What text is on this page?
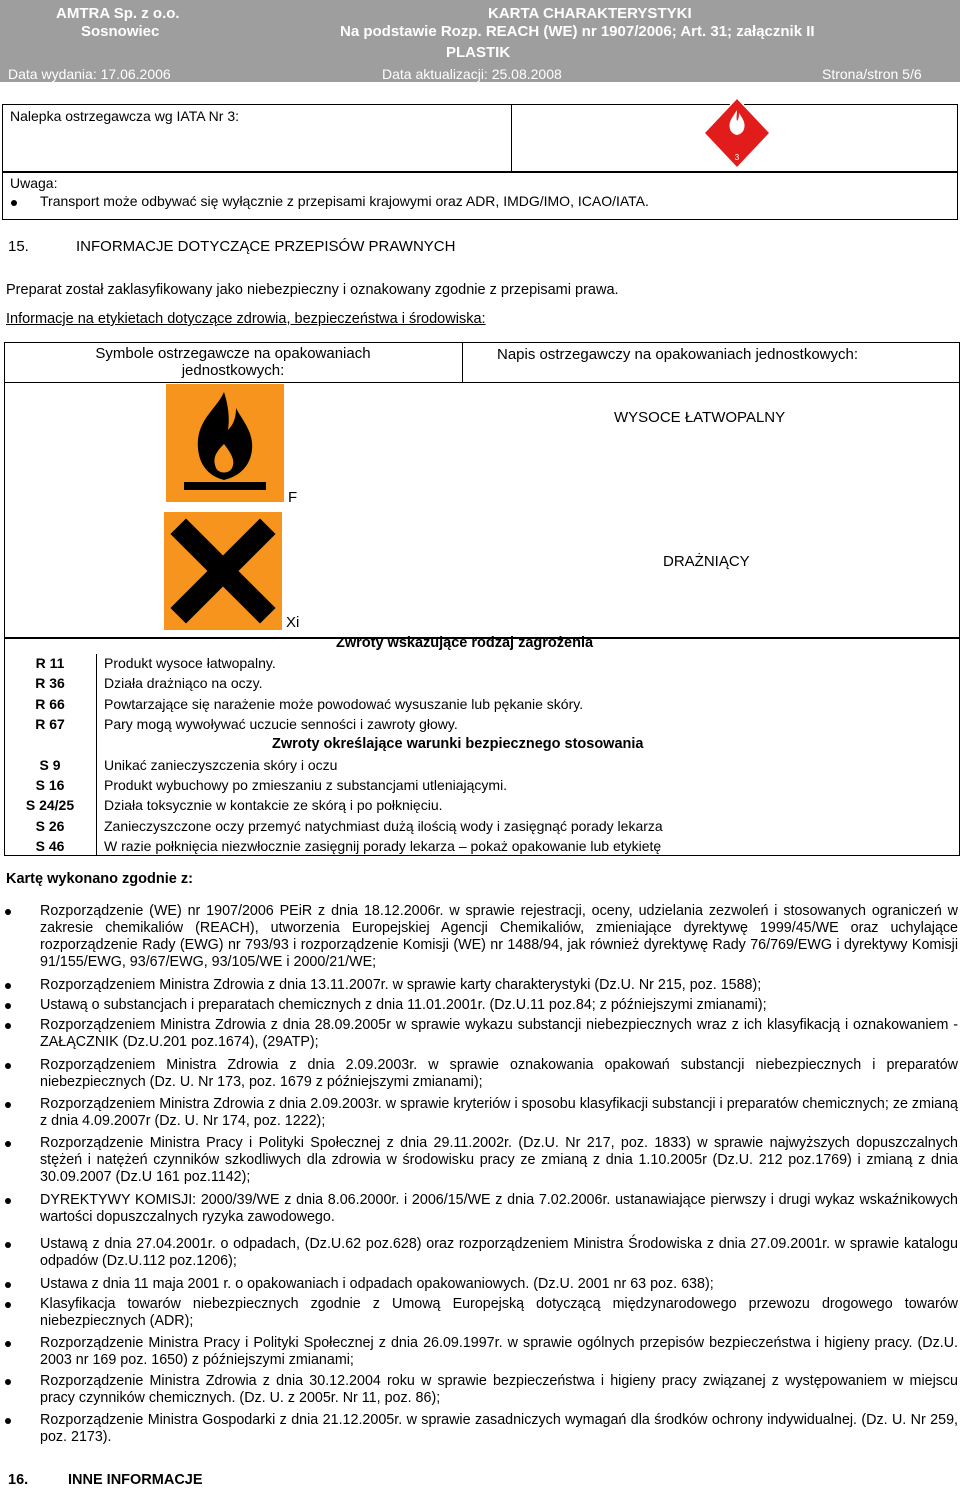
AMTRA Sp. z o.o.
Sosnowiec
KARTA CHARAKTERYSTYKI
Na podstawie Rozp. REACH (WE) nr 1907/2006; Art. 31; załącznik II
PLASTIK
Data wydania: 17.06.2006	Data aktualizacji: 25.08.2008	Strona/stron 5/6
Nalepka ostrzegawcza wg IATA Nr 3:
3
Uwaga:
Transport może odbywać się wyłącznie z przepisami krajowymi oraz ADR, IMDG/IMO, ICAO/IATA.
15.	INFORMACJE DOTYCZĄCE PRZEPISÓW PRAWNYCH
Preparat został zaklasyfikowany jako niebezpieczny i oznakowany zgodnie z przepisami prawa.
Informacje na etykietach dotyczące zdrowia, bezpieczeństwa i środowiska:
Symbole ostrzegawcze na opakowaniach jednostkowych:
Napis ostrzegawczy na opakowaniach jednostkowych:
F
WYSOCE ŁATWOPALNY
Xi
DRAŻNIĄCY
Zwroty wskazujące rodzaj zagrożenia
R 11	Produkt wysoce łatwopalny.
R 36	Działa drażniąco na oczy.
R 66	Powtarzające się narażenie może powodować wysuszanie lub pękanie skóry.
R 67	Pary mogą wywoływać uczucie senności i zawroty głowy.
Zwroty określające warunki bezpiecznego stosowania
S 9	Unikać zanieczyszczenia skóry i oczu
S 16	Produkt wybuchowy po zmieszaniu z substancjami utleniającymi.
S 24/25	Działa toksycznie w kontakcie ze skórą i po połknięciu.
S 26	Zanieczyszczone oczy przemyć natychmiast dużą ilością wody i zasięgnąć porady lekarza
S 46	W razie połknięcia niezwłocznie zasięgnij porady lekarza – pokaż opakowanie lub etykietę
Kartę wykonano zgodnie z:
Rozporządzenie (WE) nr 1907/2006 PEiR z dnia 18.12.2006r. w sprawie rejestracji, oceny, udzielania zezwoleń i stosowanych ograniczeń w zakresie chemikaliów (REACH), utworzenia Europejskiej Agencji Chemikaliów, zmieniające dyrektywę 1999/45/WE oraz uchylające rozporządzenie Rady (EWG) nr 793/93 i rozporządzenie Komisji (WE) nr 1488/94, jak również dyrektywę Rady 76/769/EWG i dyrektywy Komisji 91/155/EWG, 93/67/EWG, 93/105/WE i 2000/21/WE;
Rozporządzeniem Ministra Zdrowia z dnia 13.11.2007r. w sprawie karty charakterystyki (Dz.U. Nr 215, poz. 1588);
Ustawą o substancjach i preparatach chemicznych z dnia 11.01.2001r. (Dz.U.11 poz.84; z późniejszymi zmianami);
Rozporządzeniem Ministra Zdrowia z dnia 28.09.2005r w sprawie wykazu substancji niebezpiecznych wraz z ich klasyfikacją i oznakowaniem - ZAŁĄCZNIK (Dz.U.201 poz.1674), (29ATP);
Rozporządzeniem Ministra Zdrowia z dnia 2.09.2003r. w sprawie oznakowania opakowań substancji niebezpiecznych i preparatów niebezpiecznych (Dz. U. Nr 173, poz. 1679 z późniejszymi zmianami);
Rozporządzeniem Ministra Zdrowia z dnia 2.09.2003r. w sprawie kryteriów i sposobu klasyfikacji substancji i preparatów chemicznych; ze zmianą z dnia 4.09.2007r (Dz. U. Nr 174, poz. 1222);
Rozporządzenie Ministra Pracy i Polityki Społecznej z dnia 29.11.2002r. (Dz.U. Nr 217, poz. 1833) w sprawie najwyższych dopuszczalnych stężeń i natężeń czynników szkodliwych dla zdrowia w środowisku pracy ze zmianą z dnia 1.10.2005r (Dz.U. 212 poz.1769) i zmianą z dnia 30.09.2007 (Dz.U 161 poz.1142);
DYREKTYWY KOMISJI: 2000/39/WE z dnia 8.06.2000r. i 2006/15/WE z dnia 7.02.2006r. ustanawiające pierwszy i drugi wykaz wskaźnikowych wartości dopuszczalnych ryzyka zawodowego.
Ustawą z dnia 27.04.2001r. o odpadach, (Dz.U.62 poz.628) oraz rozporządzeniem Ministra Środowiska z dnia 27.09.2001r. w sprawie katalogu odpadów (Dz.U.112 poz.1206);
Ustawa z dnia 11 maja 2001 r. o opakowaniach i odpadach opakowaniowych. (Dz.U. 2001 nr 63 poz. 638);
Klasyfikacja towarów niebezpiecznych zgodnie z Umową Europejską dotyczącą międzynarodowego przewozu drogowego towarów niebezpiecznych (ADR);
Rozporządzenie Ministra Pracy i Polityki Społecznej z dnia 26.09.1997r. w sprawie ogólnych przepisów bezpieczeństwa i higieny pracy. (Dz.U. 2003 nr 169 poz. 1650) z późniejszymi zmianami;
Rozporządzenie Ministra Zdrowia z dnia 30.12.2004 roku w sprawie bezpieczeństwa i higieny pracy związanej z występowaniem w miejscu pracy czynników chemicznych. (Dz. U. z 2005r. Nr 11, poz. 86);
Rozporządzenie Ministra Gospodarki z dnia 21.12.2005r. w sprawie zasadniczych wymagań dla środków ochrony indywidualnej. (Dz. U. Nr 259, poz. 2173).
16.	INNE INFORMACJE
